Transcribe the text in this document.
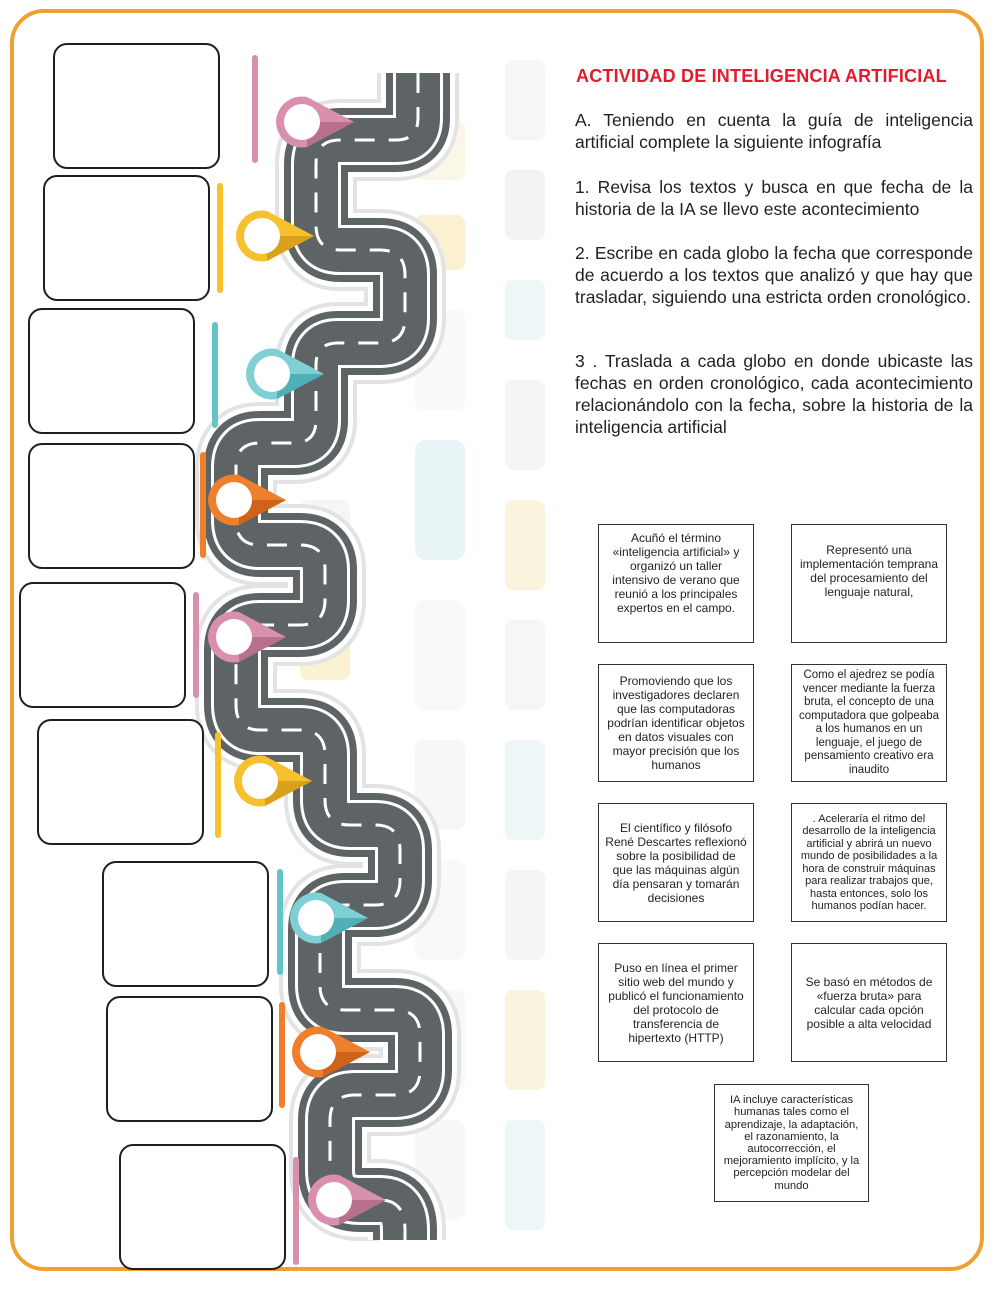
ACTIVIDAD DE INTELIGENCIA ARTIFICIAL
A. Teniendo en cuenta la guía de inteligencia artificial complete la siguiente infografía
1. Revisa los textos y busca en que fecha de la historia de la IA se llevo este acontecimiento
2. Escribe en cada globo la fecha que corresponde de acuerdo a los textos que analizó y que hay que trasladar, siguiendo una estricta orden cronológico.
3 . Traslada a cada globo en donde ubicaste las fechas en orden cronológico, cada acontecimiento relacionándolo con la fecha, sobre la historia de la inteligencia artificial
Acuñó el término «inteligencia artificial» y organizó un taller intensivo de verano que reunió a los principales expertos en el campo.
Representó una implementación temprana del procesamiento del lenguaje natural,
Promoviendo que los investigadores declaren que las computadoras podrían identificar objetos en datos visuales con mayor precisión que los humanos
Como el ajedrez se podía vencer mediante la fuerza bruta, el concepto de una computadora que golpeaba a los humanos en un lenguaje, el juego de pensamiento creativo era inaudito
El científico y filósofo René Descartes reflexionó sobre la posibilidad de que las máquinas algún día pensaran y tomarán decisiones
. Aceleraría el ritmo del desarrollo de la inteligencia artificial y abrirá un nuevo mundo de posibilidades a la hora de construir máquinas para realizar trabajos que, hasta entonces, solo los humanos podían hacer.
Puso en línea el primer sitio web del mundo y publicó el funcionamiento del protocolo de transferencia de hipertexto (HTTP)
Se basó en métodos de «fuerza bruta» para calcular cada opción posible a alta velocidad
IA incluye características humanas tales como el aprendizaje, la adaptación, el razonamiento, la autocorrección, el mejoramiento implícito, y la percepción modelar del mundo
